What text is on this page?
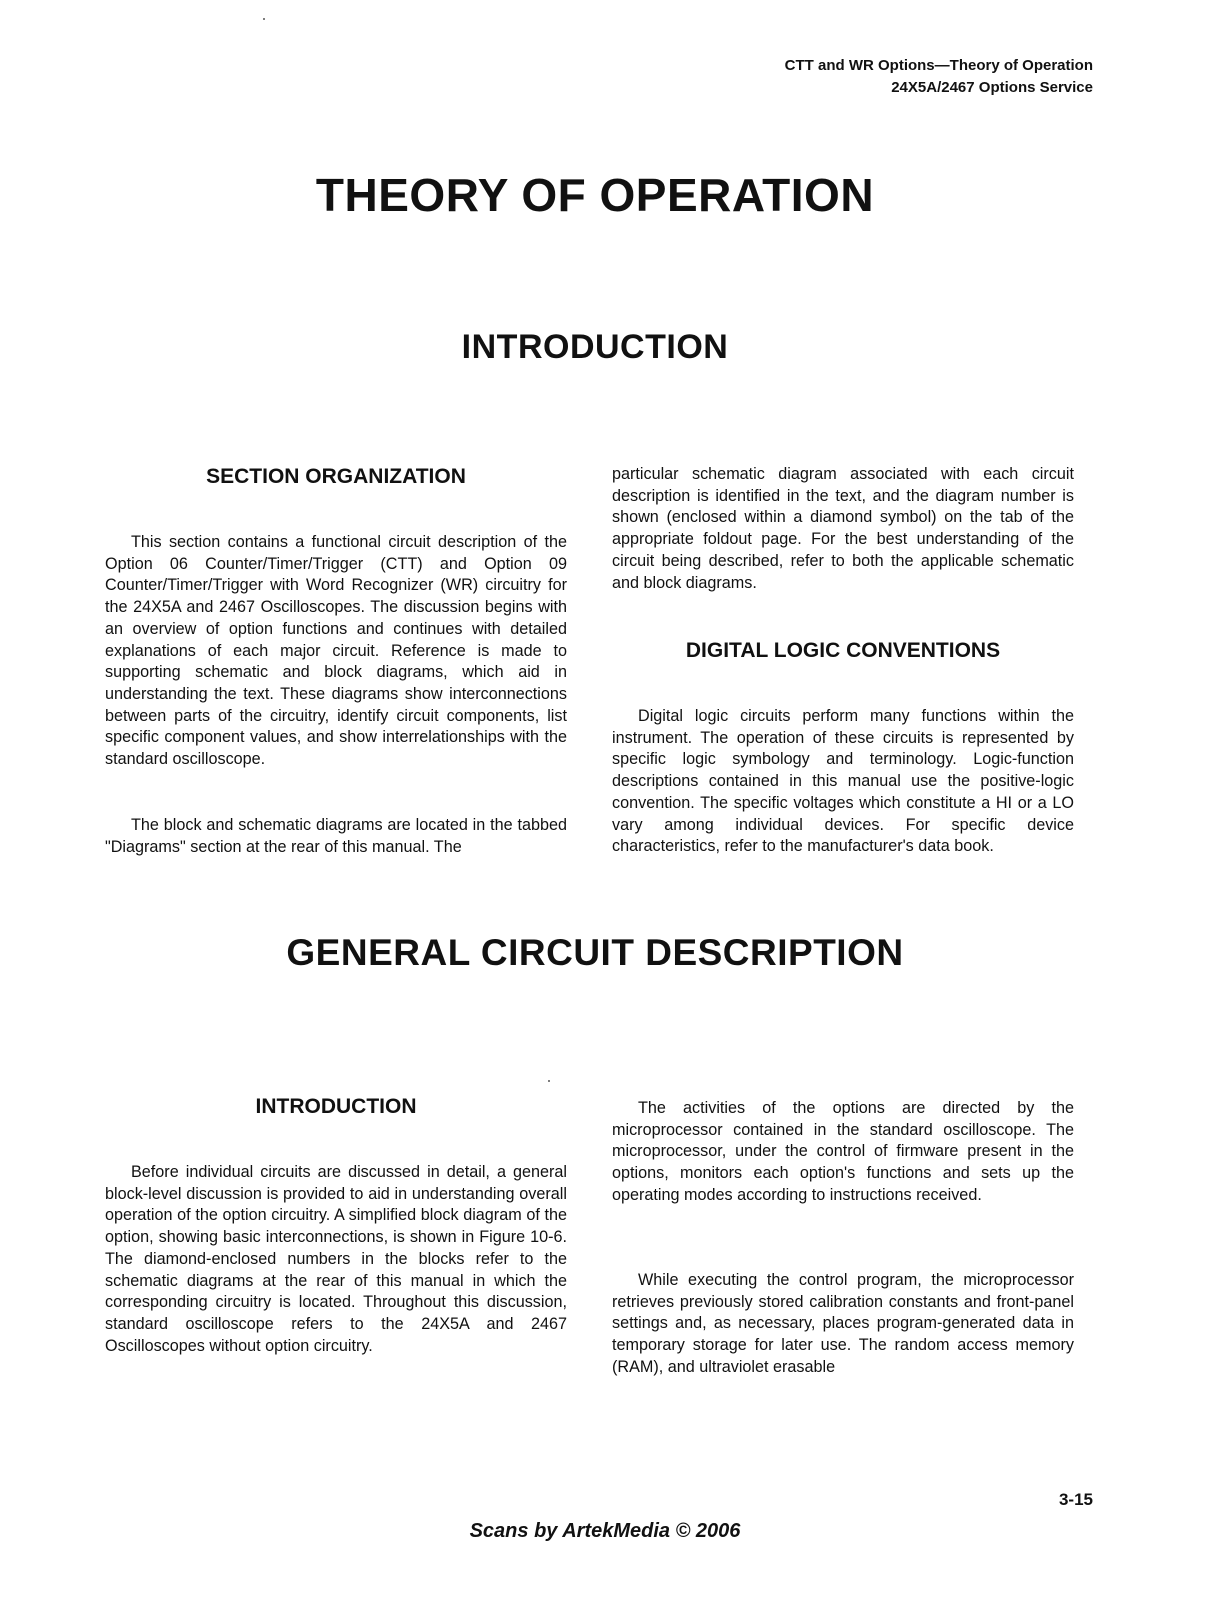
CTT and WR Options—Theory of Operation
24X5A/2467 Options Service
THEORY OF OPERATION
INTRODUCTION
SECTION ORGANIZATION

This section contains a functional circuit description of the Option 06 Counter/Timer/Trigger (CTT) and Option 09 Counter/Timer/Trigger with Word Recognizer (WR) circuitry for the 24X5A and 2467 Oscilloscopes. The discussion begins with an overview of option functions and continues with detailed explanations of each major circuit. Reference is made to supporting schematic and block diagrams, which aid in understanding the text. These diagrams show interconnections between parts of the circuitry, identify circuit components, list specific component values, and show interrelationships with the standard oscilloscope.

The block and schematic diagrams are located in the tabbed "Diagrams" section at the rear of this manual. The

particular schematic diagram associated with each circuit description is identified in the text, and the diagram number is shown (enclosed within a diamond symbol) on the tab of the appropriate foldout page. For the best understanding of the circuit being described, refer to both the applicable schematic and block diagrams.

DIGITAL LOGIC CONVENTIONS

Digital logic circuits perform many functions within the instrument. The operation of these circuits is represented by specific logic symbology and terminology. Logic-function descriptions contained in this manual use the positive-logic convention. The specific voltages which constitute a HI or a LO vary among individual devices. For specific device characteristics, refer to the manufacturer's data book.

GENERAL CIRCUIT DESCRIPTION
INTRODUCTION

Before individual circuits are discussed in detail, a general block-level discussion is provided to aid in understanding overall operation of the option circuitry. A simplified block diagram of the option, showing basic interconnections, is shown in Figure 10-6. The diamond-enclosed numbers in the blocks refer to the schematic diagrams at the rear of this manual in which the corresponding circuitry is located. Throughout this discussion, standard oscilloscope refers to the 24X5A and 2467 Oscilloscopes without option circuitry.

The activities of the options are directed by the microprocessor contained in the standard oscilloscope. The microprocessor, under the control of firmware present in the options, monitors each option's functions and sets up the operating modes according to instructions received.

While executing the control program, the microprocessor retrieves previously stored calibration constants and front-panel settings and, as necessary, places program-generated data in temporary storage for later use. The random access memory (RAM), and ultraviolet erasable

3-15
Scans by ArtekMedia © 2006
